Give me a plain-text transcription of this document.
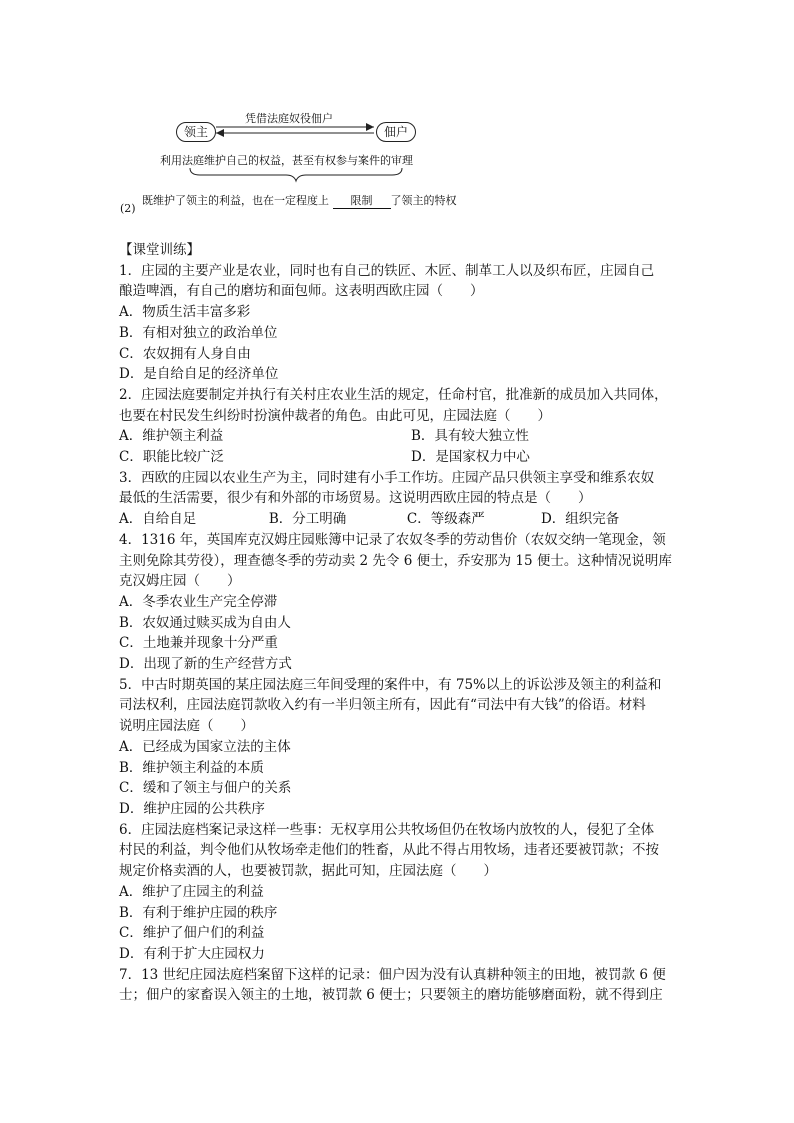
领主	佃户
凭借法庭奴役佃户
利用法庭维护自己的权益，甚至有权参与案件的审理
(2)
既维护了领主的利益，也在一定程度上 限制 了领主的特权

【课堂训练】

1．庄园的主要产业是农业，同时也有自己的铁匠、木匠、制革工人以及织布匠，庄园自己

酿造啤酒，有自己的磨坊和面包师。这表明西欧庄园（　　）

A．物质生活丰富多彩

B．有相对独立的政治单位

C．农奴拥有人身自由

D．是自给自足的经济单位

2．庄园法庭要制定并执行有关村庄农业生活的规定，任命村官，批准新的成员加入共同体，

也要在村民发生纠纷时扮演仲裁者的角色。由此可见，庄园法庭（　　）

A．维护领主利益	B．具有较大独立性

C．职能比较广泛	D．是国家权力中心

3．西欧的庄园以农业生产为主，同时建有小手工作坊。庄园产品只供领主享受和维系农奴

最低的生活需要，很少有和外部的市场贸易。这说明西欧庄园的特点是（　　）

A．自给自足	B．分工明确	C．等级森严	D．组织完备

4．1316 年，英国库克汉姆庄园账簿中记录了农奴冬季的劳动售价（农奴交纳一笔现金，领

主则免除其劳役），理查德冬季的劳动卖 2 先令 6 便士，乔安那为 15 便士。这种情况说明库

克汉姆庄园（　　）

A．冬季农业生产完全停滞

B．农奴通过赎买成为自由人

C．土地兼并现象十分严重

D．出现了新的生产经营方式

5．中古时期英国的某庄园法庭三年间受理的案件中，有 75%以上的诉讼涉及领主的利益和

司法权利，庄园法庭罚款收入约有一半归领主所有，因此有“司法中有大钱”的俗语。材料

说明庄园法庭（　　）

A．已经成为国家立法的主体

B．维护领主利益的本质

C．缓和了领主与佃户的关系

D．维护庄园的公共秩序

6．庄园法庭档案记录这样一些事：无权享用公共牧场但仍在牧场内放牧的人，侵犯了全体

村民的利益，判令他们从牧场牵走他们的牲畜，从此不得占用牧场，违者还要被罚款；不按

规定价格卖酒的人，也要被罚款，据此可知，庄园法庭（　　）

A．维护了庄园主的利益

B．有利于维护庄园的秩序

C．维护了佃户们的利益

D．有利于扩大庄园权力

7．13 世纪庄园法庭档案留下这样的记录：佃户因为没有认真耕种领主的田地，被罚款 6 便

士；佃户的家畜误入领主的土地，被罚款 6 便士；只要领主的磨坊能够磨面粉，就不得到庄
